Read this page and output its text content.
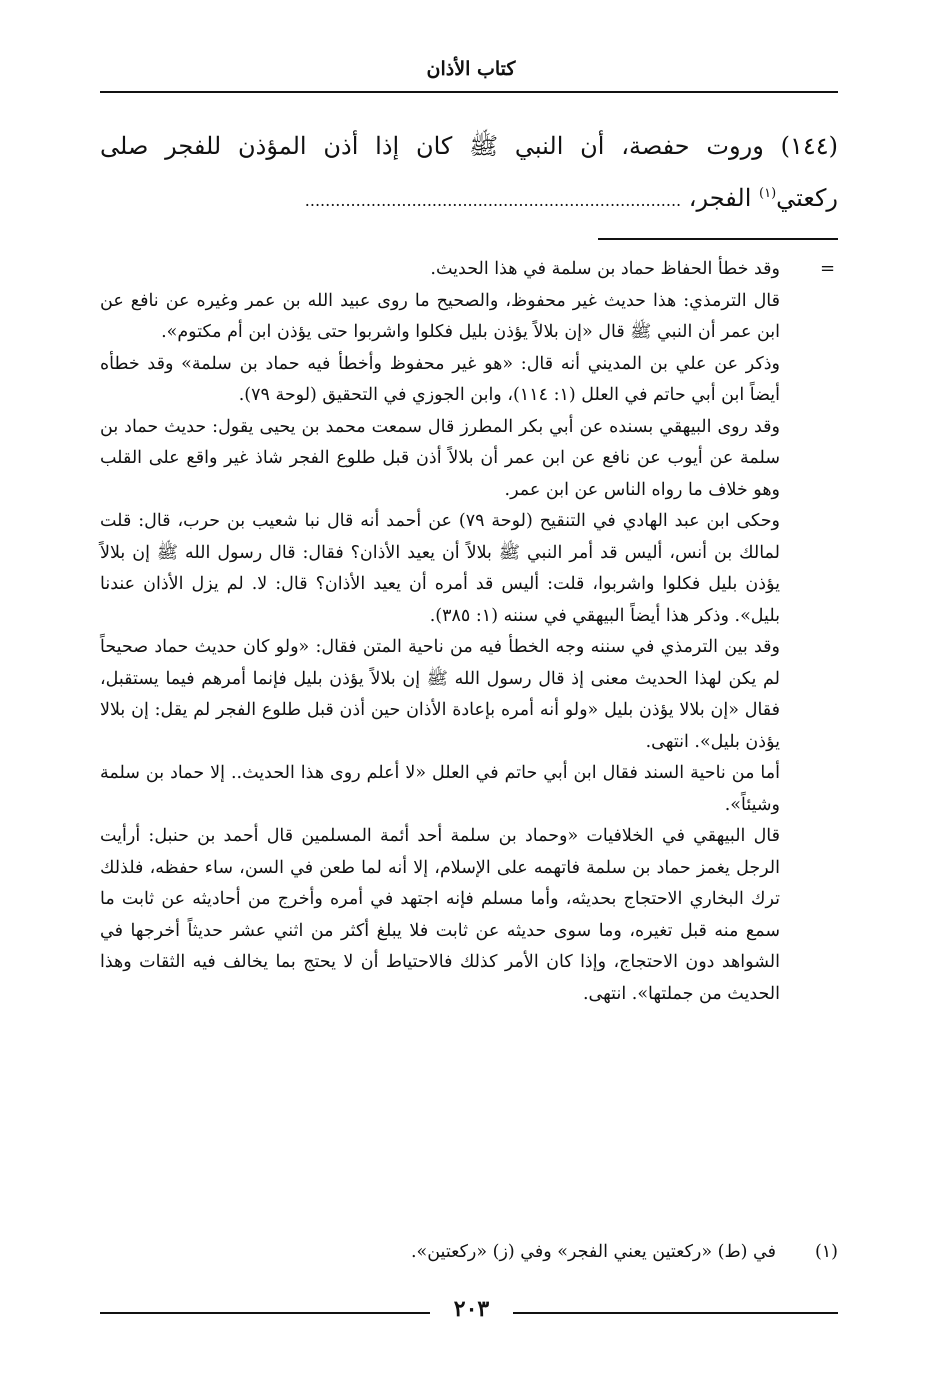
كتاب الأذان
(١٤٤) وروت حفصة، أن النبي ﷺ كان إذا أذن المؤذن للفجر صلى
ركعتي$^{(١)}$ الفجر، ..........................................................................
=

وقد خطأ الحفاظ حماد بن سلمة في هذا الحديث.

قال الترمذي: هذا حديث غير محفوظ، والصحيح ما روى عبيد الله بن عمر وغيره عن نافع عن ابن عمر أن النبي ﷺ قال «إن بلالاً يؤذن بليل فكلوا واشربوا حتى يؤذن ابن أم مكتوم».

وذكر عن علي بن المديني أنه قال: «هو غير محفوظ وأخطأ فيه حماد بن سلمة» وقد خطأه أيضاً ابن أبي حاتم في العلل (١: ١١٤)، وابن الجوزي في التحقيق (لوحة ٧٩).

وقد روى البيهقي بسنده عن أبي بكر المطرز قال سمعت محمد بن يحيى يقول: حديث حماد بن سلمة عن أيوب عن نافع عن ابن عمر أن بلالاً أذن قبل طلوع الفجر شاذ غير واقع على القلب وهو خلاف ما رواه الناس عن ابن عمر.

وحكى ابن عبد الهادي في التنقيح (لوحة ٧٩) عن أحمد أنه قال نبا شعيب بن حرب، قال: قلت لمالك بن أنس، أليس قد أمر النبي ﷺ بلالاً أن يعيد الأذان؟ فقال: قال رسول الله ﷺ إن بلالاً يؤذن بليل فكلوا واشربوا، قلت: أليس قد أمره أن يعيد الأذان؟ قال: لا. لم يزل الأذان عندنا بليل». وذكر هذا أيضاً البيهقي في سننه (١: ٣٨٥).

وقد بين الترمذي في سننه وجه الخطأ فيه من ناحية المتن فقال: «ولو كان حديث حماد صحيحاً لم يكن لهذا الحديث معنى إذ قال رسول الله ﷺ إن بلالاً يؤذن بليل فإنما أمرهم فيما يستقبل، فقال «إن بلالا يؤذن بليل «ولو أنه أمره بإعادة الأذان حين أذن قبل طلوع الفجر لم يقل: إن بلالا يؤذن بليل». انتهى.

أما من ناحية السند فقال ابن أبي حاتم في العلل «لا أعلم روى هذا الحديث.. إلا حماد بن سلمة وشيئاً».

قال البيهقي في الخلافيات «وحماد بن سلمة أحد أئمة المسلمين قال أحمد بن حنبل: أرأيت الرجل يغمز حماد بن سلمة فاتهمه على الإسلام، إلا أنه لما طعن في السن، ساء حفظه، فلذلك ترك البخاري الاحتجاج بحديثه، وأما مسلم فإنه اجتهد في أمره وأخرج من أحاديثه عن ثابت ما سمع منه قبل تغيره، وما سوى حديثه عن ثابت فلا يبلغ أكثر من اثني عشر حديثاً أخرجها في الشواهد دون الاحتجاج، وإذا كان الأمر كذلك فالاحتياط أن لا يحتج بما يخالف فيه الثقات وهذا الحديث من جملتها». انتهى.

(١)
في (ط) «ركعتين يعني الفجر» وفي (ز) «ركعتين».
٢٠٣
